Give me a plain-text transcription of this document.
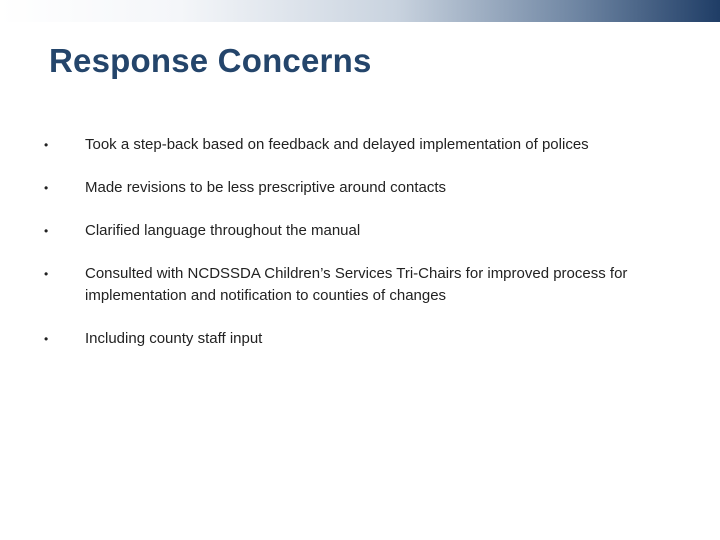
Response Concerns
•	Took a step-back based on feedback and delayed implementation of polices
•	Made revisions to be less prescriptive around contacts
•	Clarified language throughout the manual
•	Consulted with NCDSSDA Children’s Services Tri-Chairs for improved process for implementation and notification to counties of changes
•	Including county staff input
